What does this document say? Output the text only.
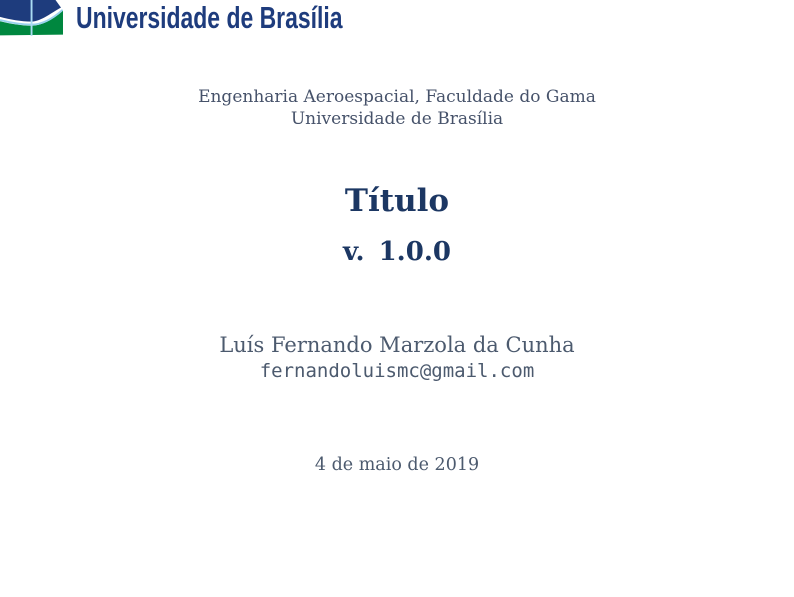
Universidade de Brasília
Engenharia Aeroespacial, Faculdade do Gama
Universidade de Brasília
Título
v. 1.0.0
Luís Fernando Marzola da Cunha
fernandoluismc@gmail.com
4 de maio de 2019
